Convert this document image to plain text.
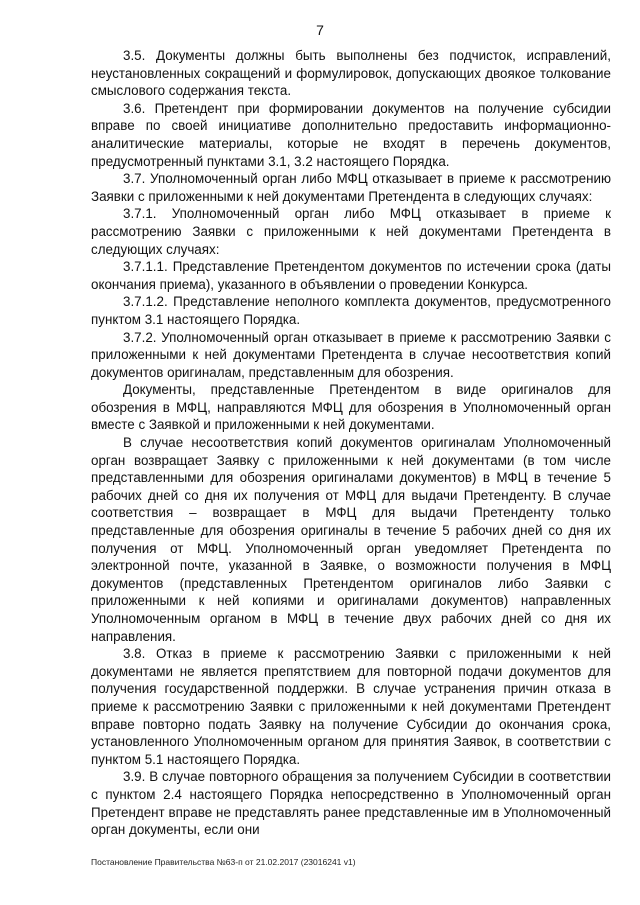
7

3.5. Документы должны быть выполнены без подчисток, исправлений, неустановленных сокращений и формулировок, допускающих двоякое толкование смыслового содержания текста.

3.6. Претендент при формировании документов на получение субсидии вправе по своей инициативе дополнительно предоставить информационно-аналитические материалы, которые не входят в перечень документов, предусмотренный пунктами 3.1, 3.2 настоящего Порядка.

3.7. Уполномоченный орган либо МФЦ отказывает в приеме к рассмотрению Заявки с приложенными к ней документами Претендента в следующих случаях:

3.7.1. Уполномоченный орган либо МФЦ отказывает в приеме к рассмотрению Заявки с приложенными к ней документами Претендента в следующих случаях:

3.7.1.1. Представление Претендентом документов по истечении срока (даты окончания приема), указанного в объявлении о проведении Конкурса.

3.7.1.2. Представление неполного комплекта документов, предусмотренного пунктом 3.1 настоящего Порядка.

3.7.2. Уполномоченный орган отказывает в приеме к рассмотрению Заявки с приложенными к ней документами Претендента в случае несоответствия копий документов оригиналам, представленным для обозрения.

Документы, представленные Претендентом в виде оригиналов для обозрения в МФЦ, направляются МФЦ для обозрения в Уполномоченный орган вместе с Заявкой и приложенными к ней документами.

В случае несоответствия копий документов оригиналам Уполномоченный орган возвращает Заявку с приложенными к ней документами (в том числе представленными для обозрения оригиналами документов) в МФЦ в течение 5 рабочих дней со дня их получения от МФЦ для выдачи Претенденту. В случае соответствия – возвращает в МФЦ для выдачи Претенденту только представленные для обозрения оригиналы в течение 5 рабочих дней со дня их получения от МФЦ. Уполномоченный орган уведомляет Претендента по электронной почте, указанной в Заявке, о возможности получения в МФЦ документов (представленных Претендентом оригиналов либо Заявки с приложенными к ней копиями и оригиналами документов) направленных Уполномоченным органом в МФЦ в течение двух рабочих дней со дня их направления.

3.8. Отказ в приеме к рассмотрению Заявки с приложенными к ней документами не является препятствием для повторной подачи документов для получения государственной поддержки. В случае устранения причин отказа в приеме к рассмотрению Заявки с приложенными к ней документами Претендент вправе повторно подать Заявку на получение Субсидии до окончания срока, установленного Уполномоченным органом для принятия Заявок, в соответствии с пунктом 5.1 настоящего Порядка.

3.9. В случае повторного обращения за получением Субсидии в соответствии с пунктом 2.4 настоящего Порядка непосредственно в Уполномоченный орган Претендент вправе не представлять ранее представленные им в Уполномоченный орган документы, если они

Постановление Правительства №63-п от 21.02.2017 (23016241 v1)
